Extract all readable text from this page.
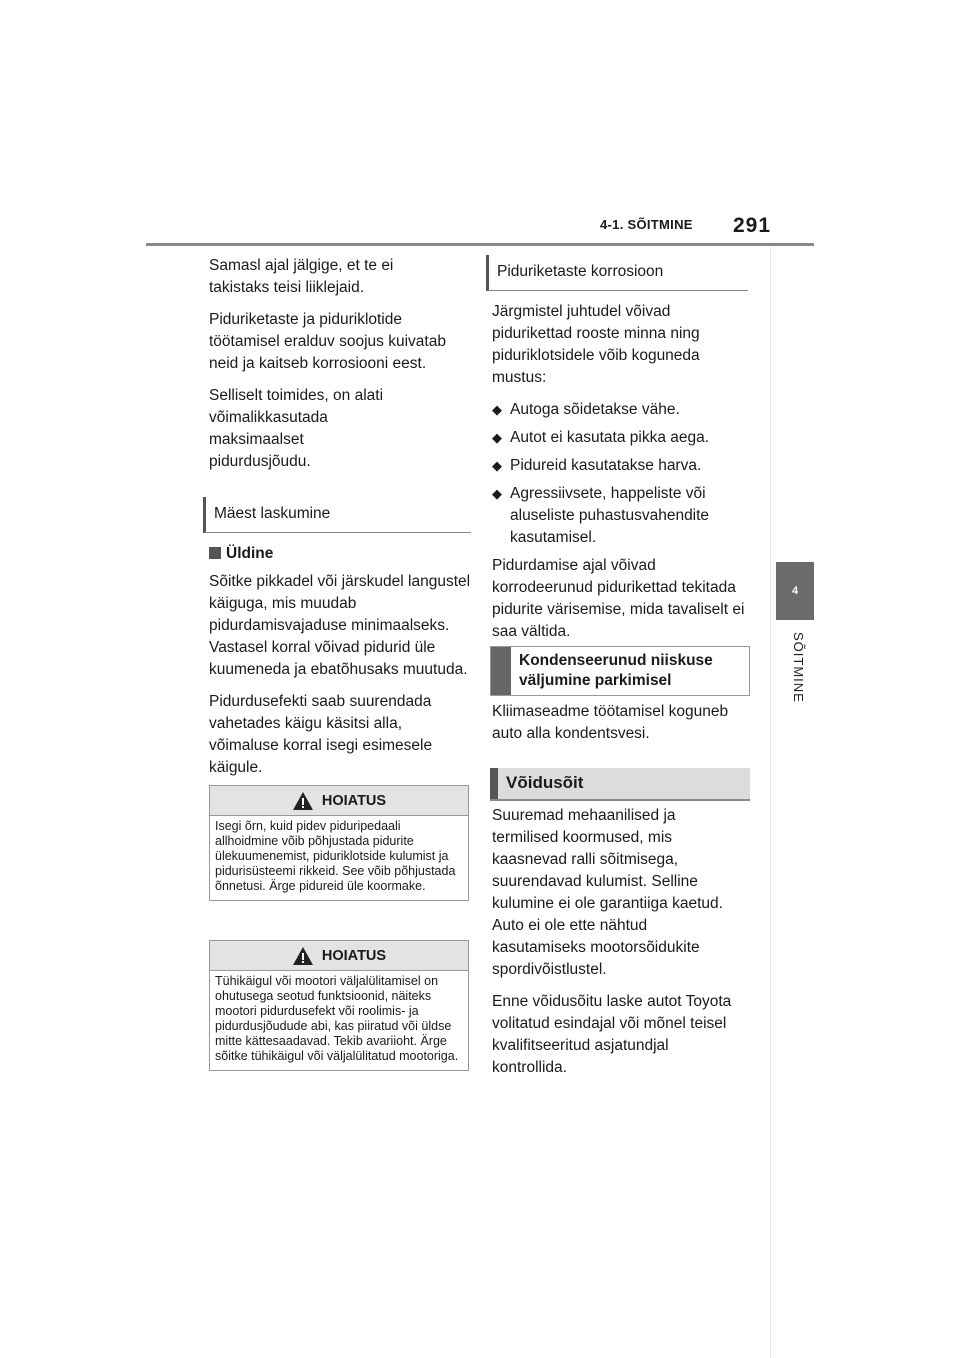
4-1. SÕITMINE 291
4
SÕITMINE

Samasl ajal jälgige, et te ei takistaks teisi liiklejaid.

Piduriketaste ja piduriklotide töötamisel eralduv soojus kuivatab neid ja kaitseb korrosiooni eest.

Selliselt toimides, on alati võimalikkasutada maksimaalset pidurdusjõudu.

Mäest laskumine
Üldine

Sõitke pikkadel või järskudel langustel käiguga, mis muudab pidurdamisvajaduse minimaalseks. Vastasel korral võivad pidurid üle kuumeneda ja ebatõhusaks muutuda.

Pidurdusefekti saab suurendada vahetades käigu käsitsi alla, võimaluse korral isegi esimesele käigule.

HOIATUS
Isegi õrn, kuid pidev piduripedaali allhoidmine võib põhjustada pidurite ülekuumenemist, piduriklotside kulumist ja pidurisüsteemi rikkeid. See võib põhjustada õnnetusi. Ärge pidureid üle koormake.
HOIATUS
Tühikäigul või mootori väljalülitamisel on ohutusega seotud funktsioonid, näiteks mootori pidurdusefekt või roolimis- ja pidurdusjõudude abi, kas piiratud või üldse mitte kättesaadavad. Tekib avariioht. Ärge sõitke tühikäigul või väljalülitatud mootoriga.
Piduriketaste korrosioon

Järgmistel juhtudel võivad pidurikettad rooste minna ning piduriklotsidele võib koguneda mustus:

◆ Autoga sõidetakse vähe.
◆ Autot ei kasutata pikka aega.
◆ Pidureid kasutatakse harva.
◆ Agressiivsete, happeliste või aluseliste puhastusvahendite kasutamisel.

Pidurdamise ajal võivad korrodeerunud pidurikettad tekitada pidurite värisemise, mida tavaliselt ei saa vältida.

Kondenseerunud niiskuse väljumine parkimisel

Kliimaseadme töötamisel koguneb auto alla kondentsvesi.

Võidusõit

Suuremad mehaanilised ja termilised koormused, mis kaasnevad ralli sõitmisega, suurendavad kulumist. Selline kulumine ei ole garantiiga kaetud. Auto ei ole ette nähtud kasutamiseks mootorsõidukite spordivõistlustel.

Enne võidusõitu laske autot Toyota volitatud esindajal või mõnel teisel kvalifitseeritud asjatundjal kontrollida.
